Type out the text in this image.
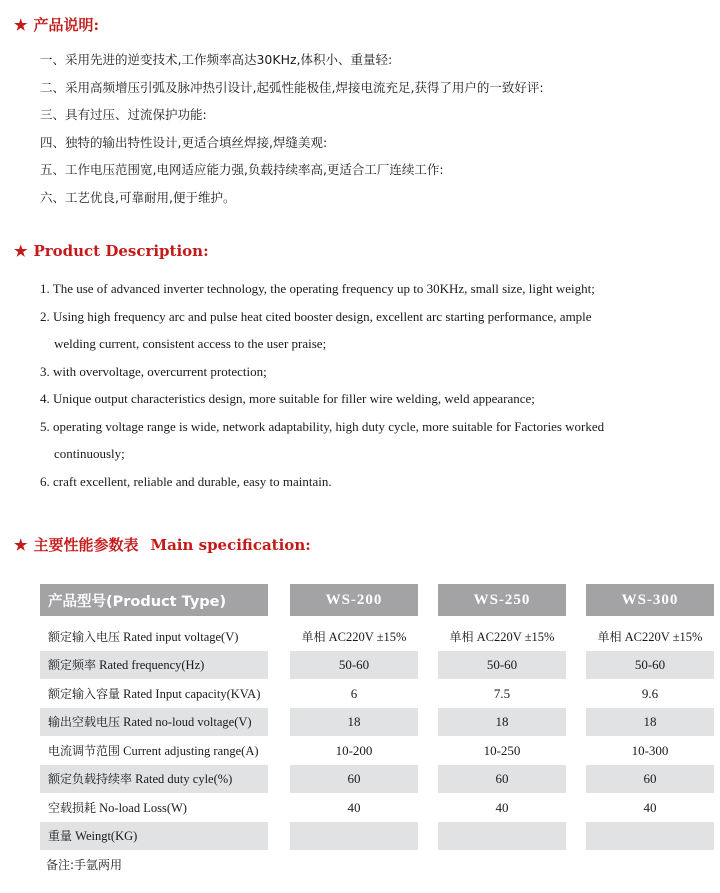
★ 产品说明:
一、采用先进的逆变技术,工作频率高达30KHz,体积小、重量轻:
二、采用高频增压引弧及脉冲热引设计,起弧性能极佳,焊接电流充足,获得了用户的一致好评:
三、具有过压、过流保护功能:
四、独特的输出特性设计,更适合填丝焊接,焊缝美观:
五、工作电压范围宽,电网适应能力强,负载持续率高,更适合工厂连续工作:
六、工艺优良,可靠耐用,便于维护。
★ Product Description:
1. The use of advanced inverter technology, the operating frequency up to 30KHz, small size, light weight;
2. Using high frequency arc and pulse heat cited booster design, excellent arc starting performance, ample
welding current, consistent access to the user praise;
3. with overvoltage, overcurrent protection;
4. Unique output characteristics design, more suitable for filler wire welding, weld appearance;
5. operating voltage range is wide, network adaptability, high duty cycle, more suitable for Factories worked
continuously;
6. craft excellent, reliable and durable, easy to maintain.
★ 主要性能参数表 Main specification:
产品型号(Product Type)	WS-200	WS-250	WS-300
额定输入电压 Rated input voltage(V)	单相 AC220V ±15%	单相 AC220V ±15%	单相 AC220V ±15%
额定频率 Rated frequency(Hz)	50-60	50-60	50-60
额定输入容量 Rated Input capacity(KVA)	6	7.5	9.6
输出空载电压 Rated no-loud voltage(V)	18	18	18
电流调节范围 Current adjusting range(A)	10-200	10-250	10-300
额定负载持续率 Rated duty cyle(%)	60	60	60
空载损耗 No-load Loss(W)	40	40	40
重量 Weingt(KG)
备注:手氩两用
